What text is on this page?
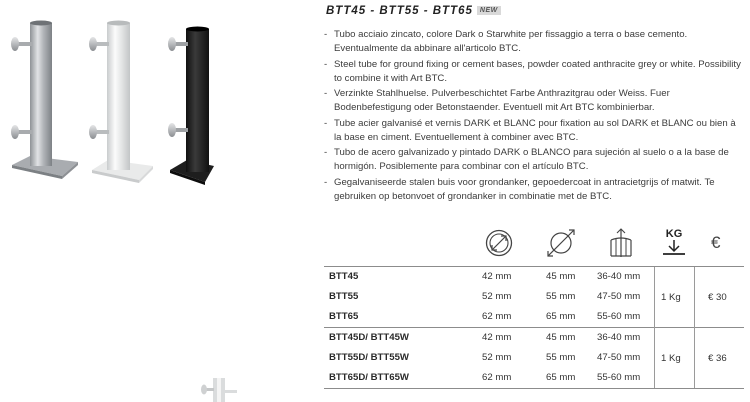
BTT45 - BTT55 - BTT65 NEW
- Tubo acciaio zincato, colore Dark o Starwhite per fissaggio a terra o base cemento. Eventualmente da abbinare all'articolo BTC.
- Steel tube for ground fixing or cement bases, powder coated anthracite grey or white. Possibility to combine it with Art BTC.
- Verzinkte Stahlhuelse. Pulverbeschichtet Farbe Anthrazitgrau oder Weiss. Fuer Bodenbefestigung oder Betonstaender. Eventuell mit Art BTC kombinierbar.
- Tube acier galvanisé et vernis DARK et BLANC pour fixation au sol DARK et BLANC ou bien à la base en ciment. Eventuellement à combiner avec BTC.
- Tubo de acero galvanizado y pintado DARK o BLANCO para sujeción al suelo o a la base de hormigón. Posiblemente para combinar con el artículo BTC.
- Gegalvaniseerde stalen buis voor grondanker, gepoedercoat in antracietgrijs of matwit. Te gebruiken op betonvoet of grondanker in combinatie met de BTC.
KG €
BTT45	42 mm	45 mm 36-40 mm
BTT55	52 mm	55 mm 47-50 mm
BTT65	62 mm	65 mm 55-60 mm
BTT45D/ BTT45W	42 mm	45 mm 36-40 mm
BTT55D/ BTT55W	52 mm	55 mm 47-50 mm
BTT65D/ BTT65W	62 mm	65 mm 55-60 mm
1 Kg	€ 30
1 Kg	€ 36
